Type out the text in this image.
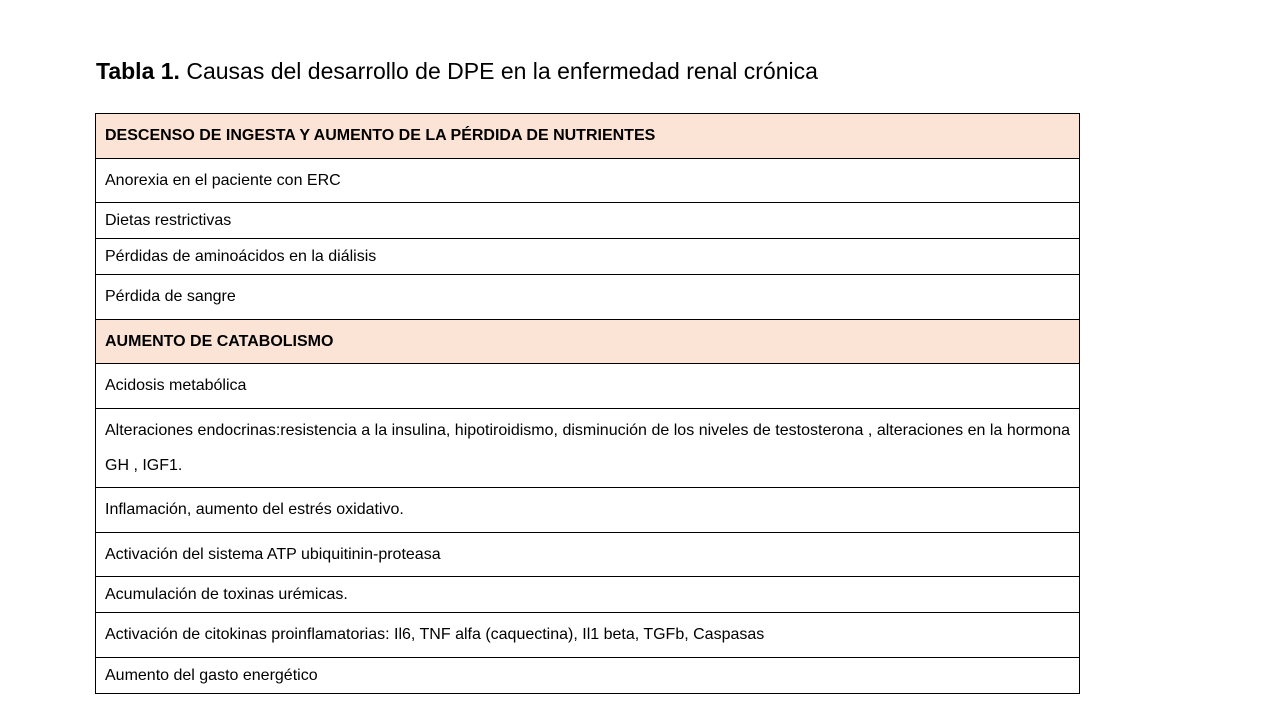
Tabla 1. Causas del desarrollo de DPE en la enfermedad renal crónica
DESCENSO DE INGESTA Y AUMENTO DE LA PÉRDIDA DE NUTRIENTES
Anorexia en el paciente con ERC
Dietas restrictivas
Pérdidas de aminoácidos en la diálisis
Pérdida de sangre
AUMENTO DE CATABOLISMO
Acidosis metabólica
Alteraciones endocrinas:resistencia a la insulina, hipotiroidismo, disminución de los niveles de testosterona , alteraciones en la hormona GH , IGF1.
Inflamación, aumento del estrés oxidativo.
Activación del sistema ATP ubiquitinin-proteasa
Acumulación de toxinas urémicas.
Activación de citokinas proinflamatorias: Il6, TNF alfa (caquectina), Il1 beta, TGFb, Caspasas
Aumento del gasto energético
